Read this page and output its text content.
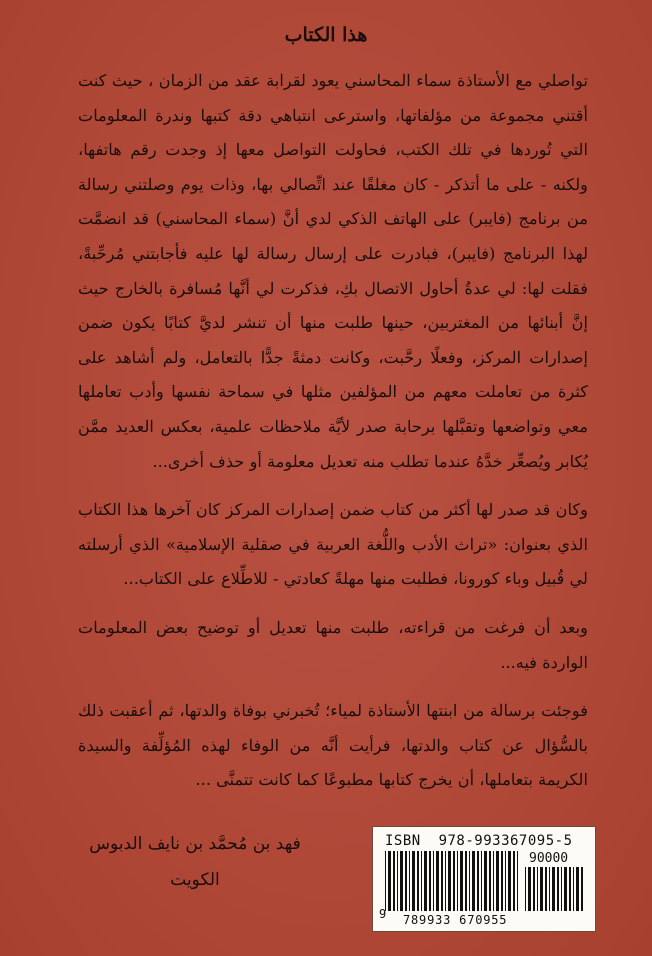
هذا الكتاب

تواصلي مع الأستاذة سماء المحاسني يعود لقرابة عقد من الزمان ، حيث كنت أقتني مجموعة من مؤلفاتها، واسترعى انتباهي دقة كتبها وندرة المعلومات التي تُوردها في تلك الكتب، فحاولت التواصل معها إذ وجدت رقم هاتفها، ولكنه - على ما أتذكر - كان مغلقًا عند اتِّصالي بها، وذات يوم وصلتني رسالة من برنامج (فايبر) على الهاتف الذكي لدي أنَّ (سماء المحاسني) قد انضمَّت لهذا البرنامج (فايبر)، فبادرت على إرسال رسالة لها عليه فأجابتني مُرحِّبةً، فقلت لها: لي عدةُ أحاول الاتصال بكِ، فذكرت لي أنَّها مُسافرة بالخارج حيث إنَّ أبنائها من المغتربين، حينها طلبت منها أن تنشر لديَّ كتابًا يكون ضمن إصدارات المركز، وفعلًا رحَّبت، وكانت دمثةً جدًّا بالتعامل، ولم أشاهد على كثرة من تعاملت معهم من المؤلفين مثلها في سماحة نفسها وأدب تعاملها معي وتواضعها وتقبَّلها برحابة صدر لأيَّة ملاحظات علمية، بعكس العديد ممَّن يُكابر ويُصعِّر خدَّهُ عندما تطلب منه تعديل معلومة أو حذف أخرى...

وكان قد صدر لها أكثر من كتاب ضمن إصدارات المركز كان آخرها هذا الكتاب الذي بعنوان: «تراث الأدب واللُّغة العربية في صقلية الإسلامية» الذي أرسلته لي قُبيل وباء كورونا، فطلبت منها مهلةً كعادتي - للاطِّلاع على الكتاب...

وبعد أن فرغت من قراءته، طلبت منها تعديل أو توضيح بعض المعلومات الواردة فيه...

فوجئت برسالة من ابنتها الأستاذة لمياء؛ تُخبرني بوفاة والدتها، ثم أعقبت ذلك بالسُّؤال عن كتاب والدتها، فرأيت أنَّه من الوفاء لهذه المُؤلِّفة والسيدة الكريمة بتعاملها، أن يخرج كتابها مطبوعًا كما كانت تتمنَّى ...

فهد بن مُحمَّد بن نايف الدبوس
الكويت
ISBN 978-993367095-5
90000
9 789933 670955
